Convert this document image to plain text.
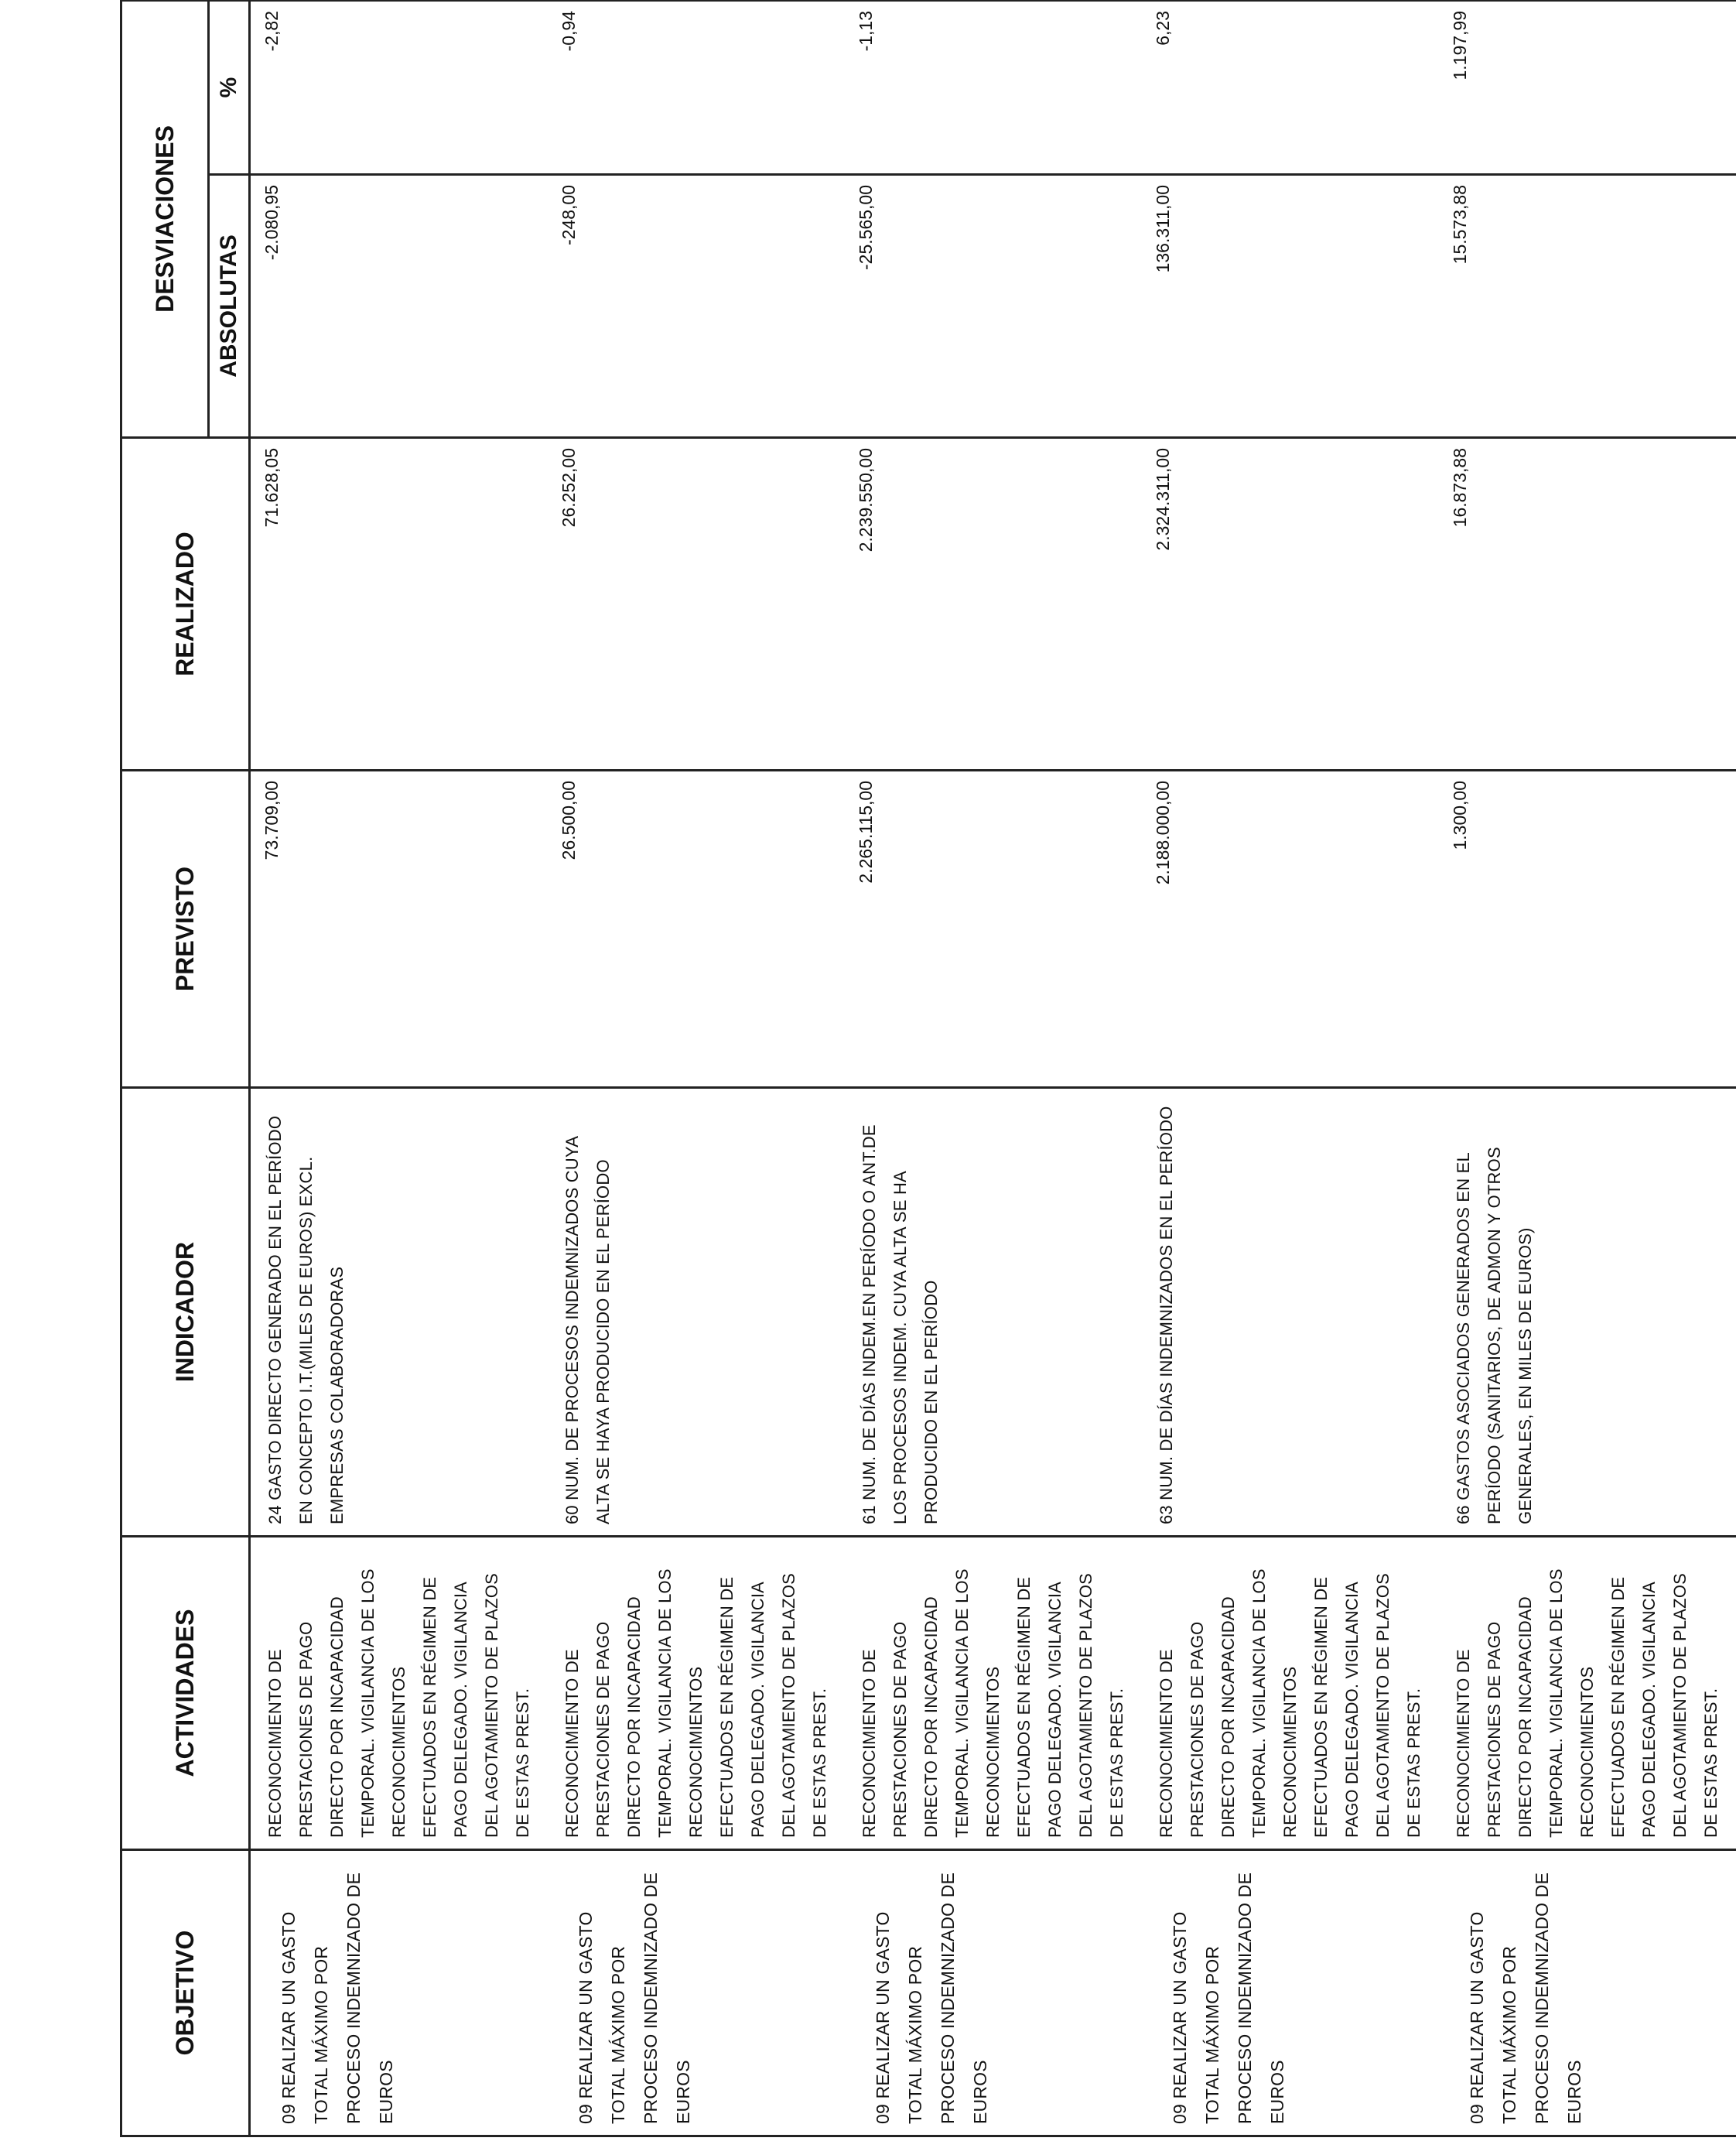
OBJETIVO	ACTIVIDADES	INDICADOR	PREVISTO	REALIZADO	DESVIACIONES	
					ABSOLUTAS	%

09 REALIZAR UN GASTO TOTAL MÁXIMO POR PROCESO INDEMNIZADO DE EUROS	RECONOCIMIENTO DE PRESTACIONES DE PAGO DIRECTO POR INCAPACIDAD TEMPORAL. VIGILANCIA DE LOS RECONOCIMIENTOS EFECTUADOS EN RÉGIMEN DE PAGO DELEGADO. VIGILANCIA DEL AGOTAMIENTO DE PLAZOS DE ESTAS PREST.	24 GASTO DIRECTO GENERADO EN EL PERÍODO EN CONCEPTO I.T.(MILES DE EUROS) EXCL. EMPRESAS COLABORADORAS	73.709,00	71.628,05	-2.080,95	-2,82

09 REALIZAR UN GASTO TOTAL MÁXIMO POR PROCESO INDEMNIZADO DE EUROS	RECONOCIMIENTO DE PRESTACIONES DE PAGO DIRECTO POR INCAPACIDAD TEMPORAL. VIGILANCIA DE LOS RECONOCIMIENTOS EFECTUADOS EN RÉGIMEN DE PAGO DELEGADO. VIGILANCIA DEL AGOTAMIENTO DE PLAZOS DE ESTAS PREST.	60 NUM. DE PROCESOS INDEMNIZADOS CUYA ALTA SE HAYA PRODUCIDO EN EL PERÍODO	26.500,00	26.252,00	-248,00	-0,94

09 REALIZAR UN GASTO TOTAL MÁXIMO POR PROCESO INDEMNIZADO DE EUROS	RECONOCIMIENTO DE PRESTACIONES DE PAGO DIRECTO POR INCAPACIDAD TEMPORAL. VIGILANCIA DE LOS RECONOCIMIENTOS EFECTUADOS EN RÉGIMEN DE PAGO DELEGADO. VIGILANCIA DEL AGOTAMIENTO DE PLAZOS DE ESTAS PREST.	61 NUM. DE DÍAS INDEM.EN PERÍODO O ANT.DE LOS PROCESOS INDEM. CUYA ALTA SE HA PRODUCIDO EN EL PERÍODO	2.265.115,00	2.239.550,00	-25.565,00	-1,13

09 REALIZAR UN GASTO TOTAL MÁXIMO POR PROCESO INDEMNIZADO DE EUROS	RECONOCIMIENTO DE PRESTACIONES DE PAGO DIRECTO POR INCAPACIDAD TEMPORAL. VIGILANCIA DE LOS RECONOCIMIENTOS EFECTUADOS EN RÉGIMEN DE PAGO DELEGADO. VIGILANCIA DEL AGOTAMIENTO DE PLAZOS DE ESTAS PREST.	63 NUM. DE DÍAS INDEMNIZADOS EN EL PERÍODO	2.188.000,00	2.324.311,00	136.311,00	6,23

09 REALIZAR UN GASTO TOTAL MÁXIMO POR PROCESO INDEMNIZADO DE EUROS	RECONOCIMIENTO DE PRESTACIONES DE PAGO DIRECTO POR INCAPACIDAD TEMPORAL. VIGILANCIA DE LOS RECONOCIMIENTOS EFECTUADOS EN RÉGIMEN DE PAGO DELEGADO. VIGILANCIA DEL AGOTAMIENTO DE PLAZOS DE ESTAS PREST.	66 GASTOS ASOCIADOS GENERADOS EN EL PERÍODO (SANITARIOS, DE ADMON Y OTROS GENERALES, EN MILES DE EUROS)	1.300,00	16.873,88	15.573,88	1.197,99
